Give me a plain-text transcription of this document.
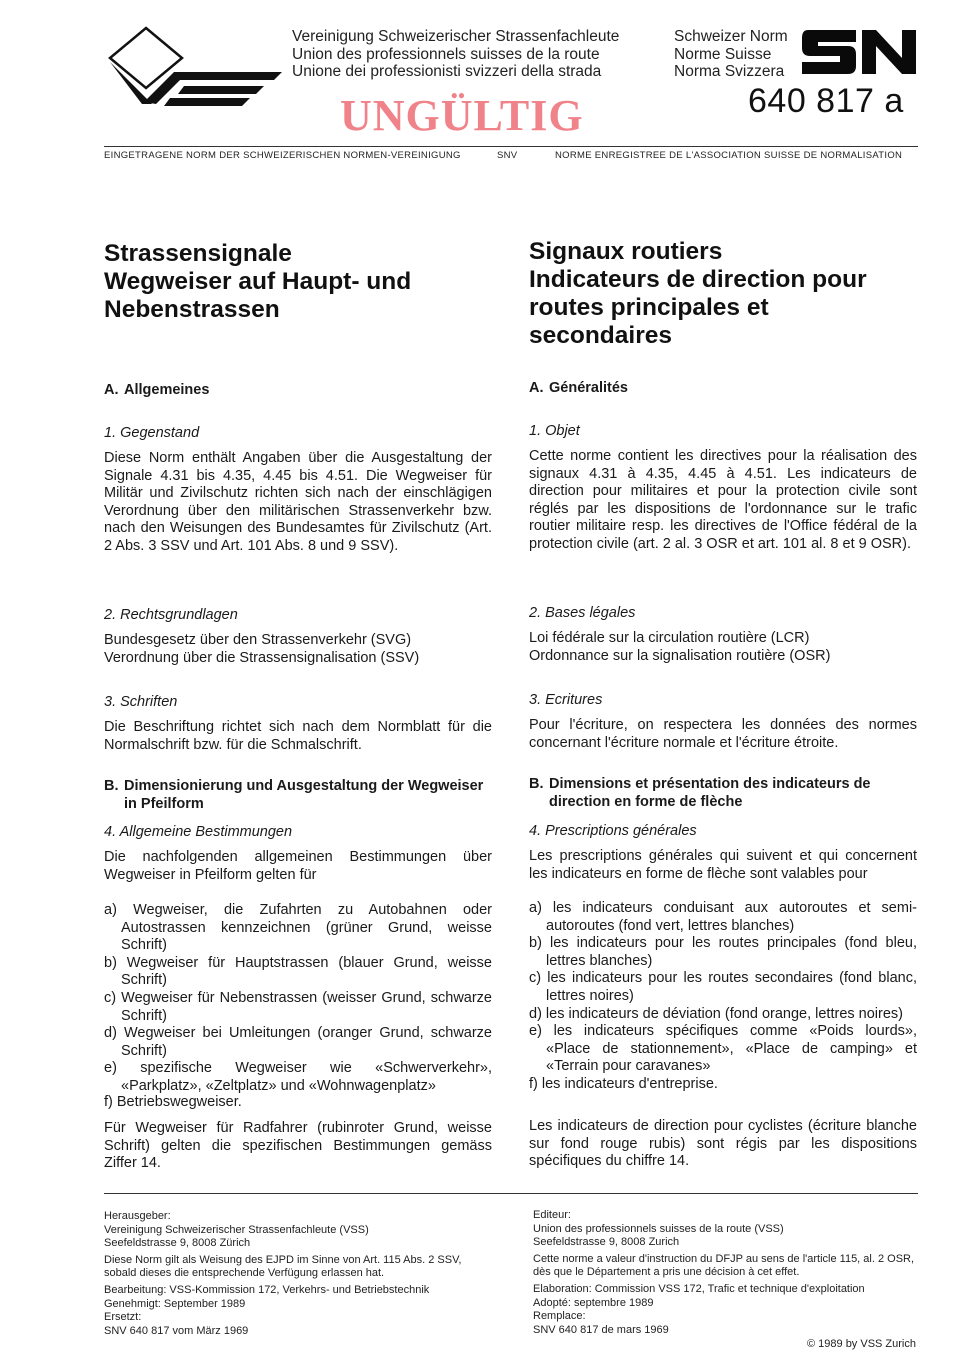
Vereinigung Schweizerischer Strassenfachleute
Union des professionnels suisses de la route
Unione dei professionisti svizzeri della strada
Schweizer Norm
Norme Suisse
Norma Svizzera
640 817 a
UNGÜLTIG
EINGETRAGENE NORM DER SCHWEIZERISCHEN NORMEN-VEREINIGUNG	SNV	NORME ENREGISTREE DE L'ASSOCIATION SUISSE DE NORMALISATION
Strassensignale
Wegweiser auf Haupt- und
Nebenstrassen
A. Allgemeines

1. Gegenstand

Diese Norm enthält Angaben über die Ausgestaltung der Signale 4.31 bis 4.35, 4.45 bis 4.51. Die Wegweiser für Militär und Zivilschutz richten sich nach der einschlägigen Verordnung über den militärischen Strassenverkehr bzw. nach den Weisungen des Bundesamtes für Zivilschutz (Art. 2 Abs. 3 SSV und Art. 101 Abs. 8 und 9 SSV).

2. Rechtsgrundlagen

Bundesgesetz über den Strassenverkehr (SVG)

Verordnung über die Strassensignalisation (SSV)

3. Schriften

Die Beschriftung richtet sich nach dem Normblatt für die Normalschrift bzw. für die Schmalschrift.

B. Dimensionierung und Ausgestaltung der Wegweiser in Pfeilform

4. Allgemeine Bestimmungen

Die nachfolgenden allgemeinen Bestimmungen über Wegweiser in Pfeilform gelten für

a) Wegweiser, die Zufahrten zu Autobahnen oder Autostrassen kennzeichnen (grüner Grund, weisse Schrift)

b) Wegweiser für Hauptstrassen (blauer Grund, weisse Schrift)

c) Wegweiser für Nebenstrassen (weisser Grund, schwarze Schrift)

d) Wegweiser bei Umleitungen (oranger Grund, schwarze Schrift)

e) spezifische Wegweiser wie «Schwerverkehr», «Parkplatz», «Zeltplatz» und «Wohnwagenplatz»

f) Betriebswegweiser.

Für Wegweiser für Radfahrer (rubinroter Grund, weisse Schrift) gelten die spezifischen Bestimmungen gemäss Ziffer 14.

Signaux routiers
Indicateurs de direction pour
routes principales et
secondaires
A. Généralités

1. Objet

Cette norme contient les directives pour la réalisation des signaux 4.31 à 4.35, 4.45 à 4.51. Les indicateurs de direction pour militaires et pour la protection civile sont réglés par les dispositions de l'ordonnance sur le trafic routier militaire resp. les directives de l'Office fédéral de la protection civile (art. 2 al. 3 OSR et art. 101 al. 8 et 9 OSR).

2. Bases légales

Loi fédérale sur la circulation routière (LCR)

Ordonnance sur la signalisation routière (OSR)

3. Ecritures

Pour l'écriture, on respectera les données des normes concernant l'écriture normale et l'écriture étroite.

B. Dimensions et présentation des indicateurs de direction en forme de flèche

4. Prescriptions générales

Les prescriptions générales qui suivent et qui concernent les indicateurs en forme de flèche sont valables pour

a) les indicateurs conduisant aux autoroutes et semi-autoroutes (fond vert, lettres blanches)

b) les indicateurs pour les routes principales (fond bleu, lettres blanches)

c) les indicateurs pour les routes secondaires (fond blanc, lettres noires)

d) les indicateurs de déviation (fond orange, lettres noires)

e) les indicateurs spécifiques comme «Poids lourds», «Place de stationnement», «Place de camping» et «Terrain pour caravanes»

f) les indicateurs d'entreprise.

Les indicateurs de direction pour cyclistes (écriture blanche sur fond rouge rubis) sont régis par les dispositions spécifiques du chiffre 14.

Herausgeber:
Vereinigung Schweizerischer Strassenfachleute (VSS)
Seefeldstrasse 9, 8008 Zürich
Diese Norm gilt als Weisung des EJPD im Sinne von Art. 115 Abs. 2 SSV, sobald dieses die entsprechende Verfügung erlassen hat.
Bearbeitung: VSS-Kommission 172, Verkehrs- und Betriebstechnik
Genehmigt: September 1989
Ersetzt:
SNV 640 817 vom März 1969
Editeur:
Union des professionnels suisses de la route (VSS)
Seefeldstrasse 9, 8008 Zurich
Cette norme a valeur d'instruction du DFJP au sens de l'article 115, al. 2 OSR, dès que le Département a pris une décision à cet effet.
Elaboration: Commission VSS 172, Trafic et technique d'exploitation
Adopté: septembre 1989
Remplace:
SNV 640 817 de mars 1969
© 1989 by VSS Zurich
